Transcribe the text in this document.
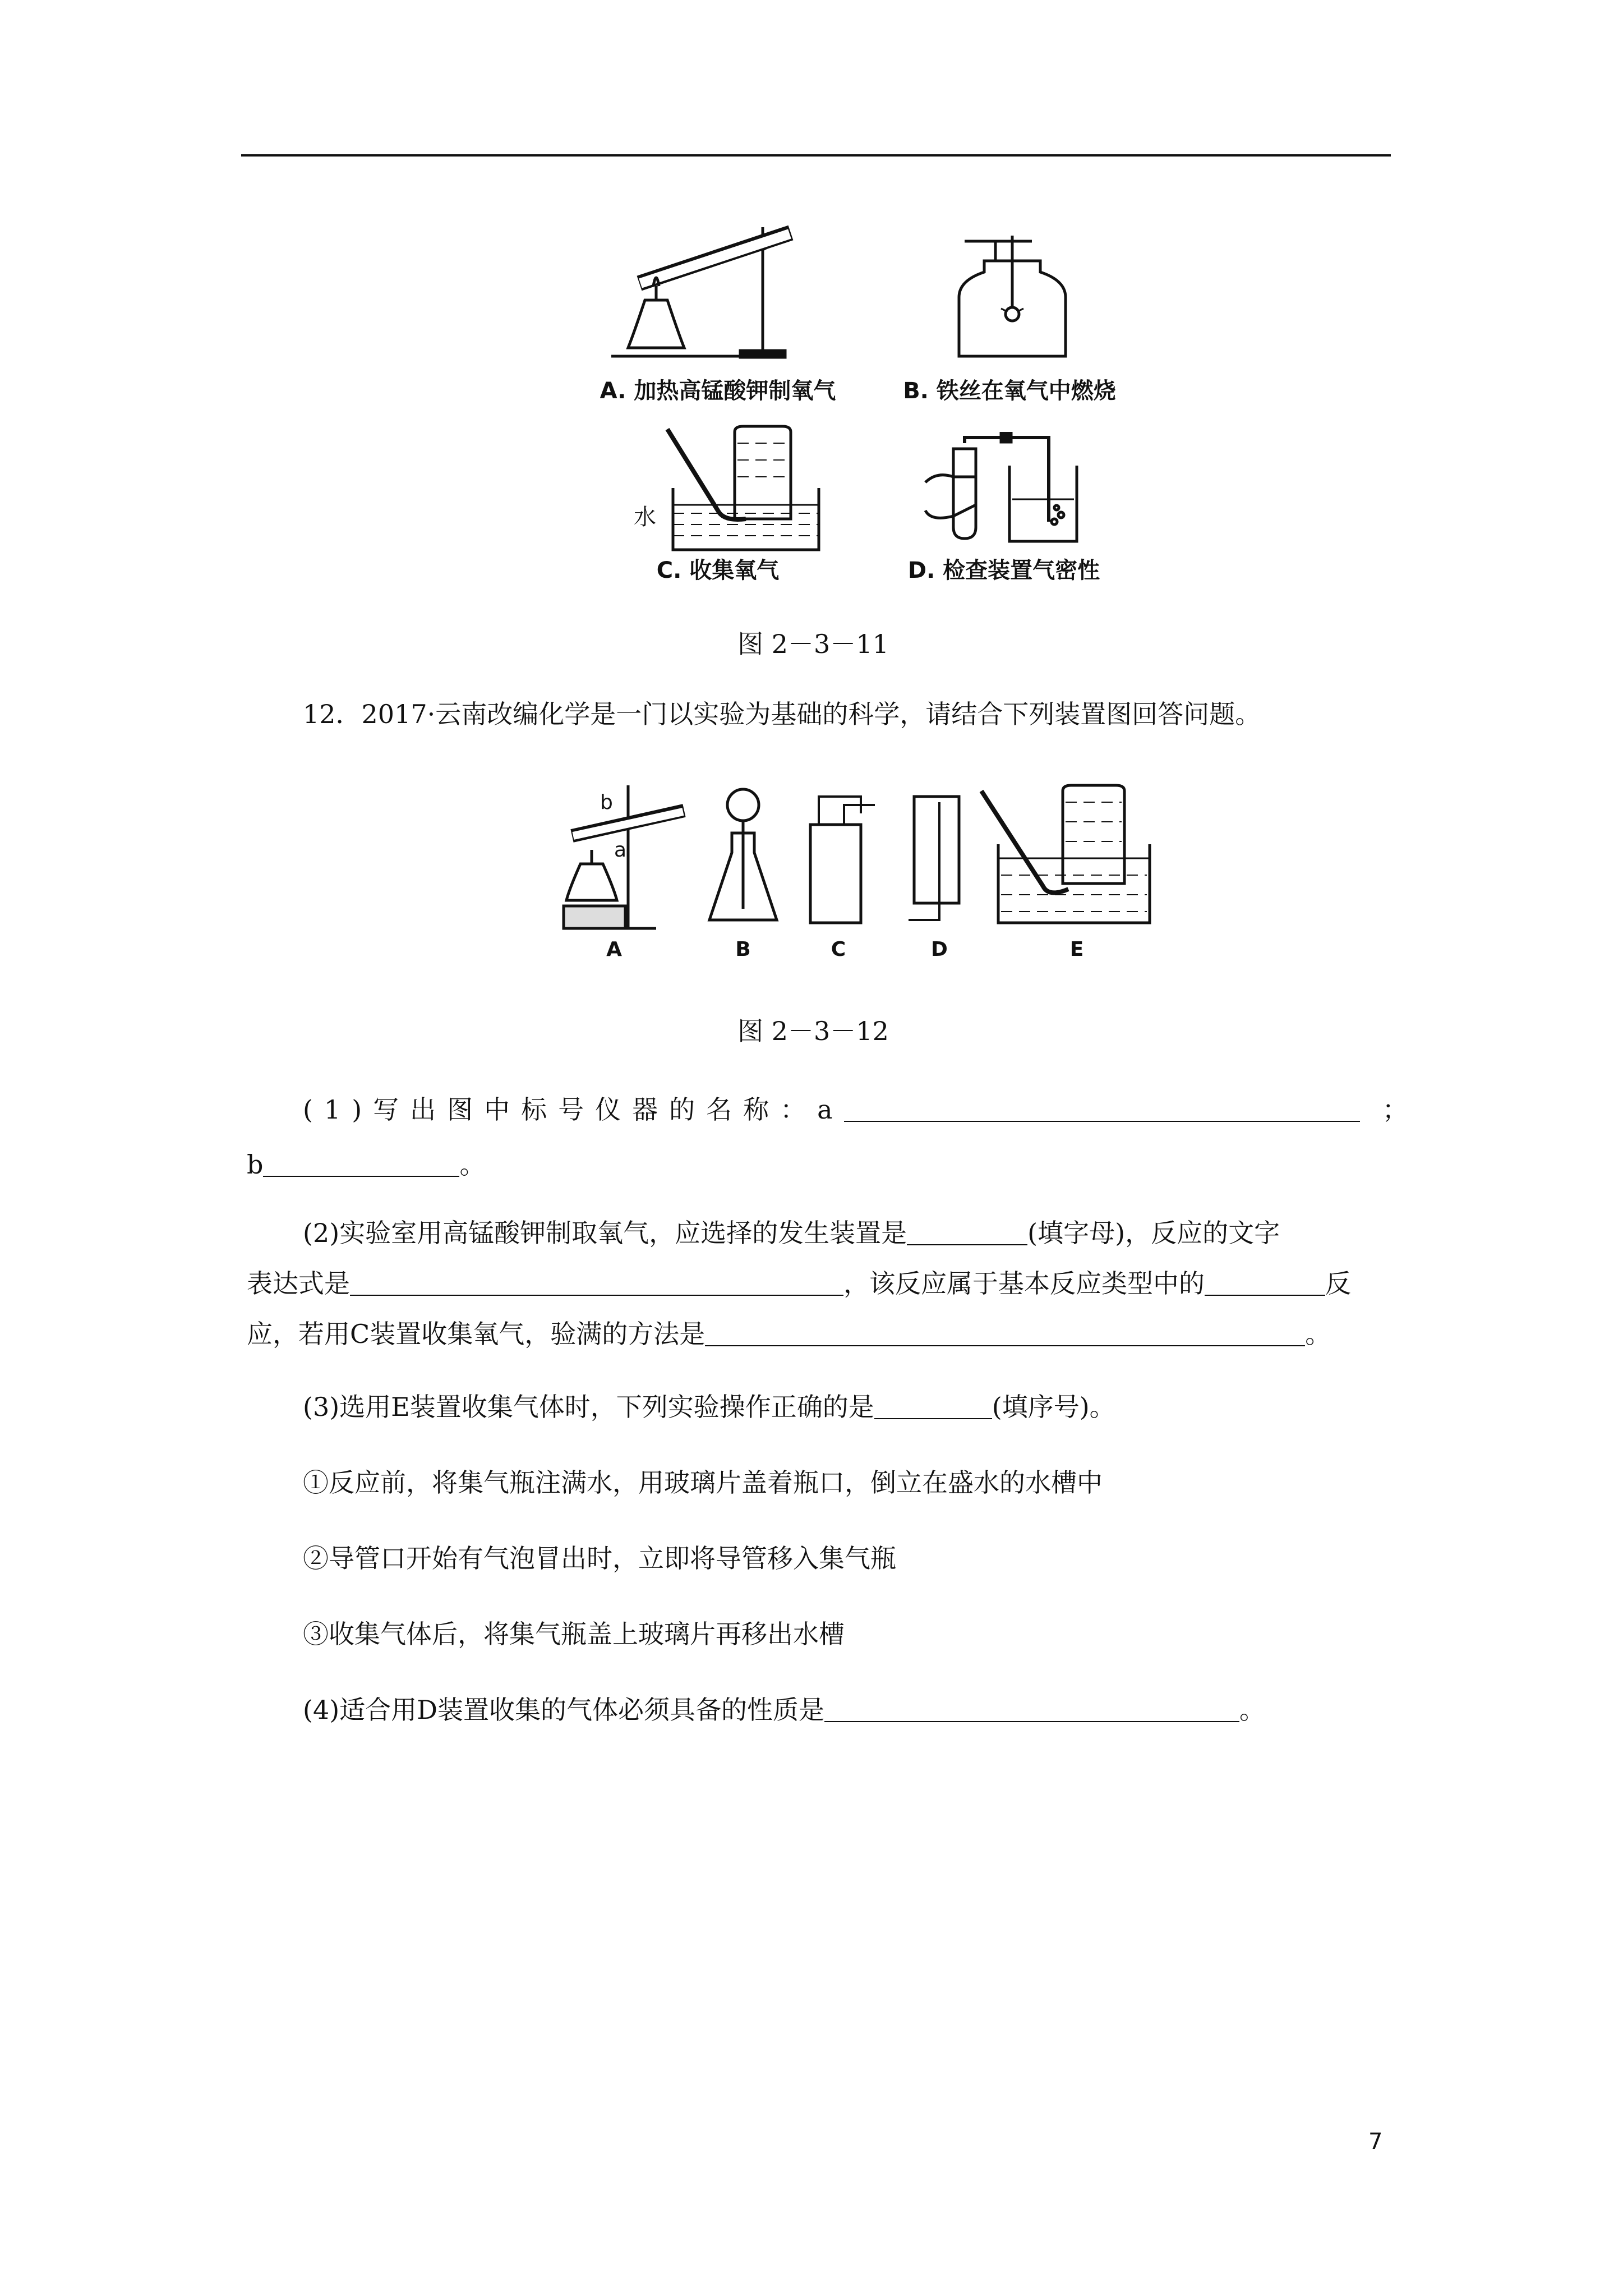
A. 加热高锰酸钾制氧气	B. 铁丝在氧气中燃烧
水
C. 收集氧气	D. 检查装置气密性
图 2－3－11
12．2017·云南改编化学是一门以实验为基础的科学，请结合下列装置图回答问题。
a
b
A	B	C	D	E
图 2－3－12
(1)写出图中标号仪器的名称：a	；
b	。
(2)实验室用高锰酸钾制取氧气，应选择的发生装置是	(填字母)，反应的文字
表达式是	，该反应属于基本反应类型中的	反
应，若用C装置收集氧气，验满的方法是	。
(3)选用E装置收集气体时，下列实验操作正确的是	(填序号)。
①反应前，将集气瓶注满水，用玻璃片盖着瓶口，倒立在盛水的水槽中
②导管口开始有气泡冒出时，立即将导管移入集气瓶
③收集气体后，将集气瓶盖上玻璃片再移出水槽
(4)适合用D装置收集的气体必须具备的性质是	。
7
